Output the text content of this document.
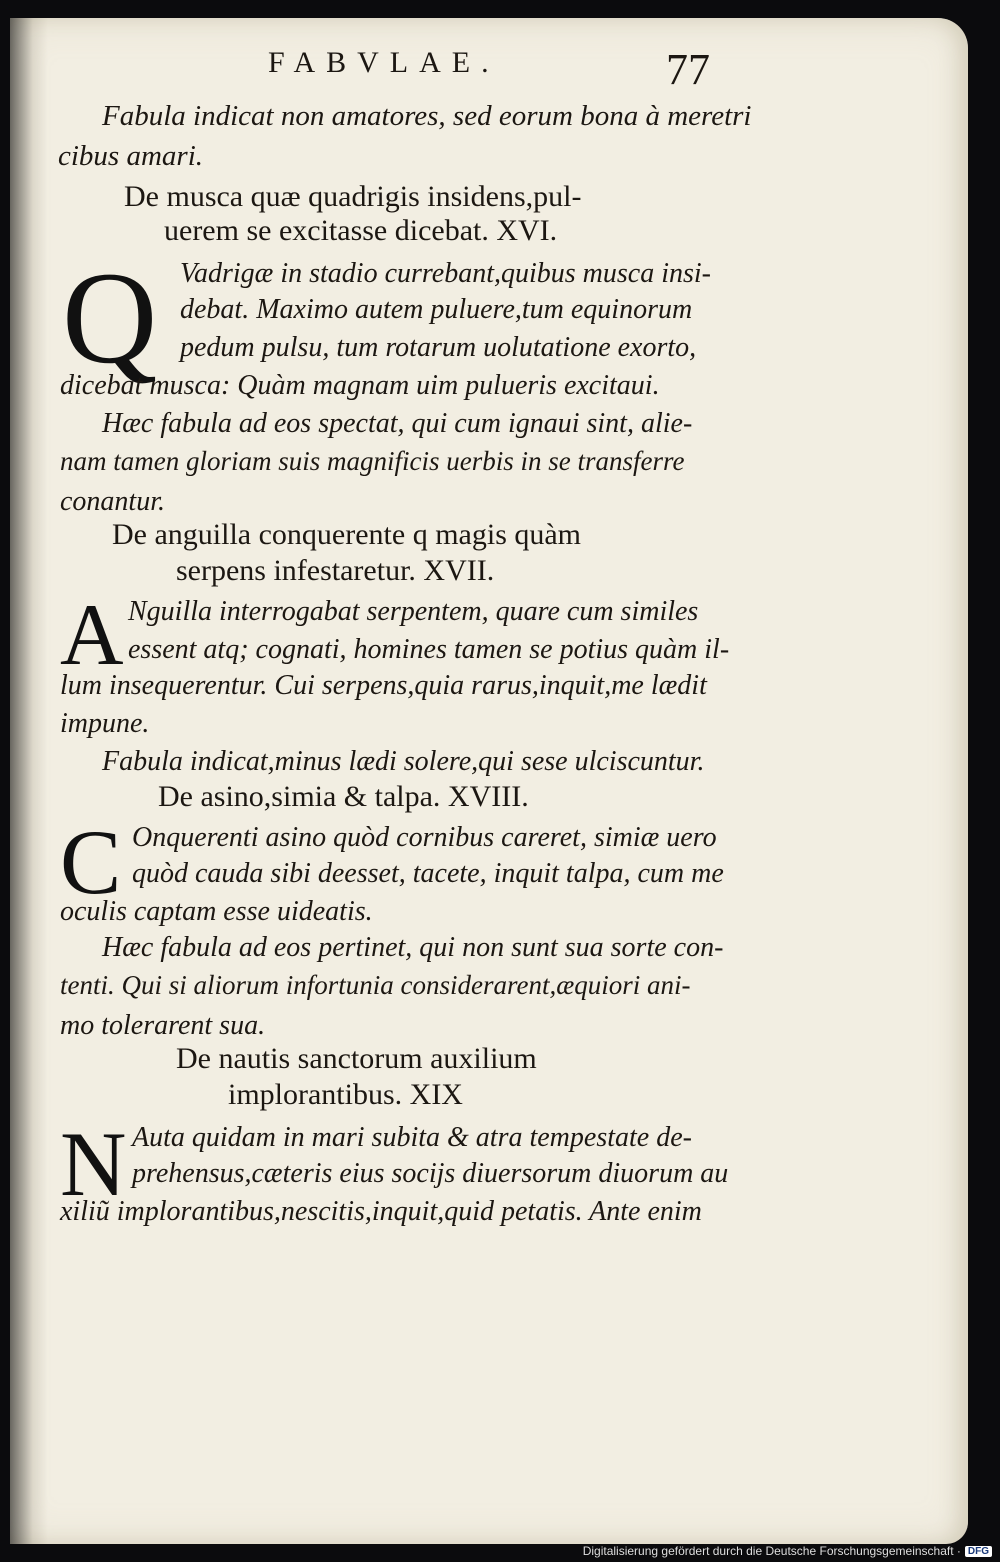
FABVLAE.	77
Fabula indicat non amatores, sed eorum bona à meretri
cibus amari.
De musca quæ quadrigis insidens,pul-
uerem se excitasse dicebat. XVI.
Q Vadrigæ in stadio currebant,quibus musca insi-
debat. Maximo autem puluere,tum equinorum
pedum pulsu, tum rotarum uolutatione exorto,
dicebat musca: Quàm magnam uim pulueris excitaui.
Hæc fabula ad eos spectat, qui cum ignaui sint, alie-
nam tamen gloriam suis magnificis uerbis in se transferre
conantur.
De anguilla conquerente q magis quàm
serpens infestaretur. XVII.
A Nguilla interrogabat serpentem, quare cum similes
essent atq; cognati, homines tamen se potius quàm il-
lum insequerentur. Cui serpens,quia rarus,inquit,me lædit
impune.
Fabula indicat,minus lædi solere,qui sese ulciscuntur.
De asino,simia & talpa. XVIII.
C Onquerenti asino quòd cornibus careret, simiæ uero
quòd cauda sibi deesset, tacete, inquit talpa, cum me
oculis captam esse uideatis.
Hæc fabula ad eos pertinet, qui non sunt sua sorte con-
tenti. Qui si aliorum infortunia considerarent,æquiori ani-
mo tolerarent sua.
De nautis sanctorum auxilium
implorantibus. XIX
N Auta quidam in mari subita & atra tempestate de-
prehensus,cæteris eius socijs diuersorum diuorum au
xiliũ implorantibus,nescitis,inquit,quid petatis. Ante enim
Digitalisierung gefördert durch die Deutsche Forschungsgemeinschaft · DFG
